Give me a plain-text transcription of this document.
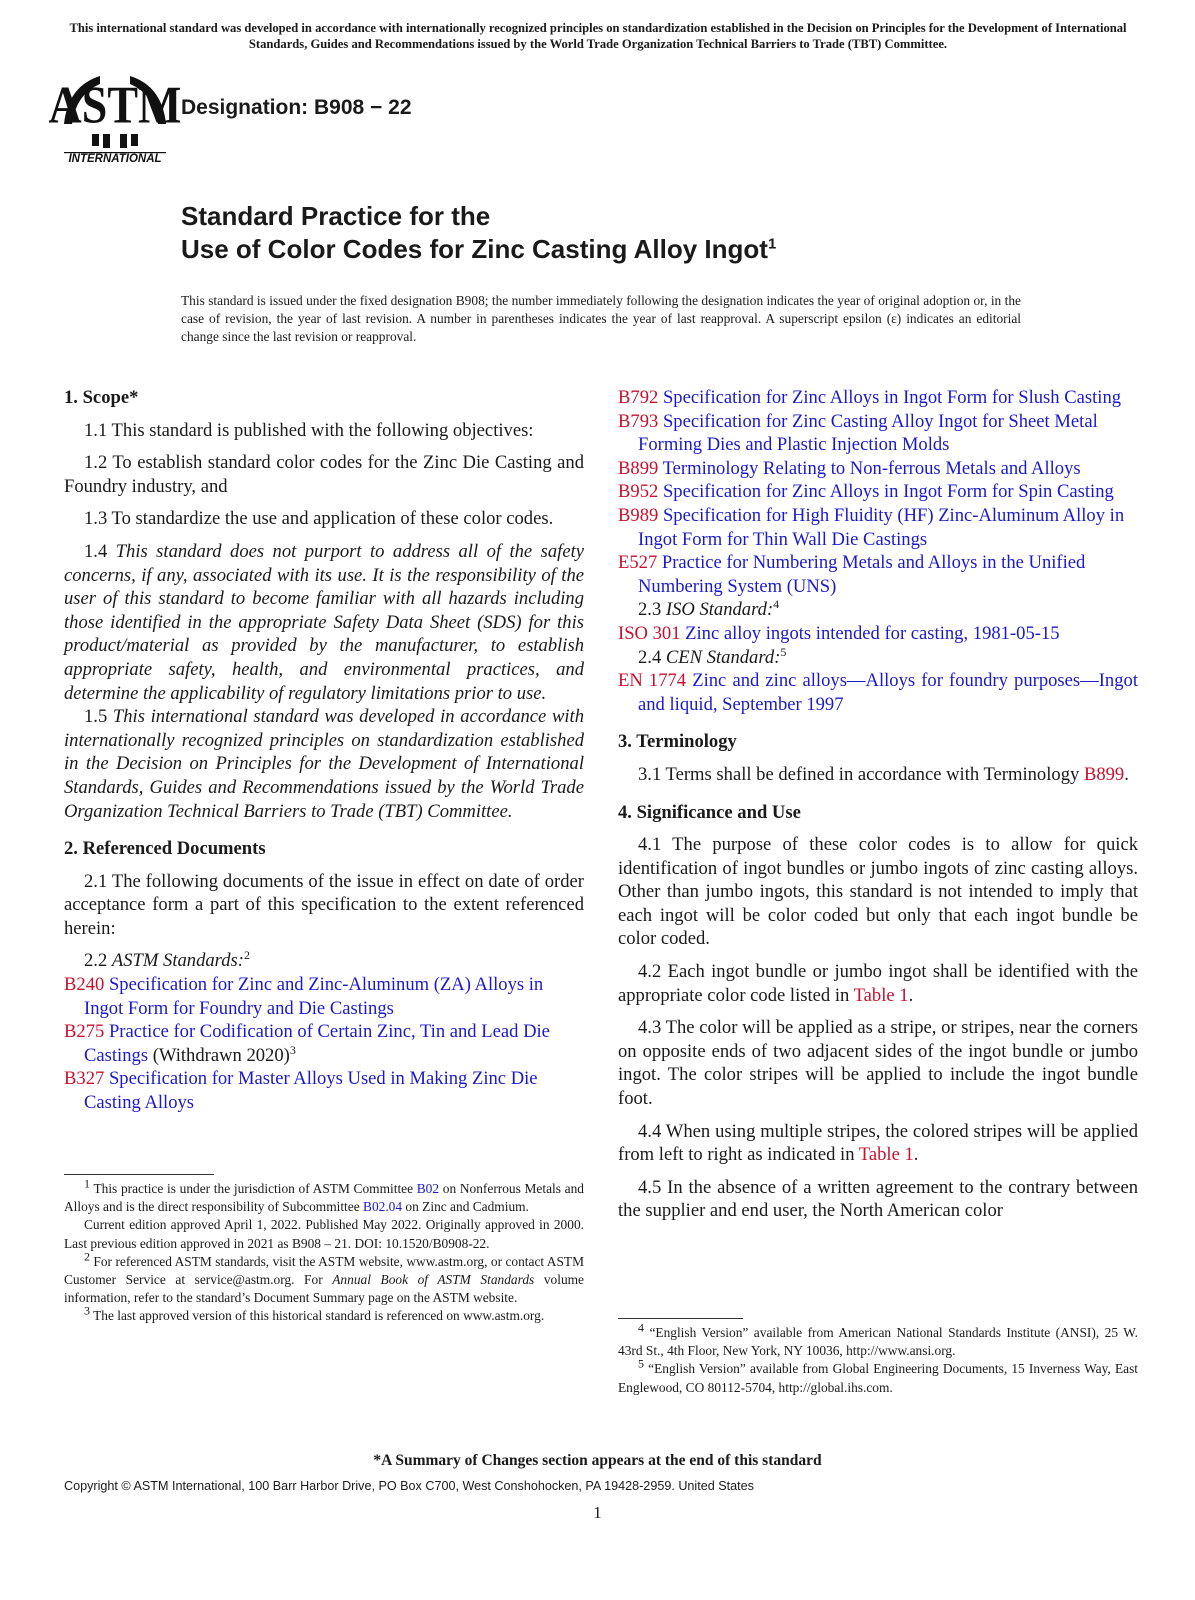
This international standard was developed in accordance with internationally recognized principles on standardization established in the Decision on Principles for the Development of International Standards, Guides and Recommendations issued by the World Trade Organization Technical Barriers to Trade (TBT) Committee.
ASTM
INTERNATIONAL
Designation: B908 − 22
Standard Practice for the
Use of Color Codes for Zinc Casting Alloy Ingot$^1$
This standard is issued under the fixed designation B908; the number immediately following the designation indicates the year of original adoption or, in the case of revision, the year of last revision. A number in parentheses indicates the year of last reapproval. A superscript epsilon (ε) indicates an editorial change since the last revision or reapproval.

1. Scope*

1.1 This standard is published with the following objectives:

1.2 To establish standard color codes for the Zinc Die Casting and Foundry industry, and

1.3 To standardize the use and application of these color codes.

1.4 This standard does not purport to address all of the safety concerns, if any, associated with its use. It is the responsibility of the user of this standard to become familiar with all hazards including those identified in the appropriate Safety Data Sheet (SDS) for this product/material as provided by the manufacturer, to establish appropriate safety, health, and environmental practices, and determine the applicability of regulatory limitations prior to use.

1.5 This international standard was developed in accordance with internationally recognized principles on standardization established in the Decision on Principles for the Development of International Standards, Guides and Recommendations issued by the World Trade Organization Technical Barriers to Trade (TBT) Committee.

2. Referenced Documents

2.1 The following documents of the issue in effect on date of order acceptance form a part of this specification to the extent referenced herein:

2.2 ASTM Standards:$^2$

B240 Specification for Zinc and Zinc-Aluminum (ZA) Alloys in Ingot Form for Foundry and Die Castings

B275 Practice for Codification of Certain Zinc, Tin and Lead Die Castings (Withdrawn 2020)$^3$

B327 Specification for Master Alloys Used in Making Zinc Die Casting Alloys

$^1$ This practice is under the jurisdiction of ASTM Committee B02 on Nonferrous Metals and Alloys and is the direct responsibility of Subcommittee B02.04 on Zinc and Cadmium.

Current edition approved April 1, 2022. Published May 2022. Originally approved in 2000. Last previous edition approved in 2021 as B908 – 21. DOI: 10.1520/B0908-22.

$^2$ For referenced ASTM standards, visit the ASTM website, www.astm.org, or contact ASTM Customer Service at service@astm.org. For Annual Book of ASTM Standards volume information, refer to the standard’s Document Summary page on the ASTM website.

$^3$ The last approved version of this historical standard is referenced on www.astm.org.

B792 Specification for Zinc Alloys in Ingot Form for Slush Casting

B793 Specification for Zinc Casting Alloy Ingot for Sheet Metal Forming Dies and Plastic Injection Molds

B899 Terminology Relating to Non-ferrous Metals and Alloys

B952 Specification for Zinc Alloys in Ingot Form for Spin Casting

B989 Specification for High Fluidity (HF) Zinc-Aluminum Alloy in Ingot Form for Thin Wall Die Castings

E527 Practice for Numbering Metals and Alloys in the Unified Numbering System (UNS)

2.3 ISO Standard:$^4$

ISO 301 Zinc alloy ingots intended for casting, 1981-05-15

2.4 CEN Standard:$^5$

EN 1774 Zinc and zinc alloys—Alloys for foundry purposes—Ingot and liquid, September 1997

3. Terminology

3.1 Terms shall be defined in accordance with Terminology B899.

4. Significance and Use

4.1 The purpose of these color codes is to allow for quick identification of ingot bundles or jumbo ingots of zinc casting alloys. Other than jumbo ingots, this standard is not intended to imply that each ingot will be color coded but only that each ingot bundle be color coded.

4.2 Each ingot bundle or jumbo ingot shall be identified with the appropriate color code listed in Table 1.

4.3 The color will be applied as a stripe, or stripes, near the corners on opposite ends of two adjacent sides of the ingot bundle or jumbo ingot. The color stripes will be applied to include the ingot bundle foot.

4.4 When using multiple stripes, the colored stripes will be applied from left to right as indicated in Table 1.

4.5 In the absence of a written agreement to the contrary between the supplier and end user, the North American color

$^4$ “English Version” available from American National Standards Institute (ANSI), 25 W. 43rd St., 4th Floor, New York, NY 10036, http://www.ansi.org.

$^5$ “English Version” available from Global Engineering Documents, 15 Inverness Way, East Englewood, CO 80112-5704, http://global.ihs.com.

*A Summary of Changes section appears at the end of this standard
Copyright © ASTM International, 100 Barr Harbor Drive, PO Box C700, West Conshohocken, PA 19428-2959. United States
1
